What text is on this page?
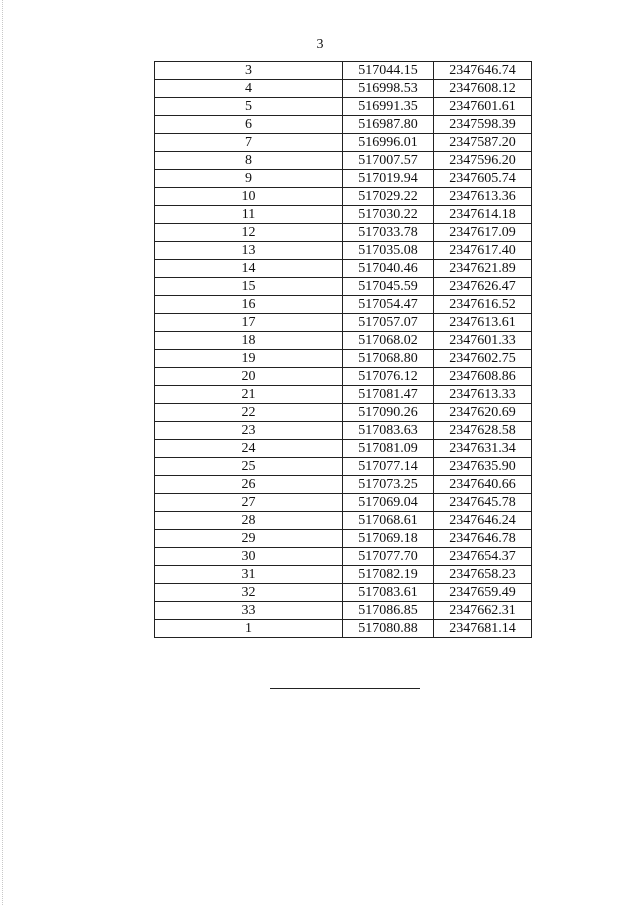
3
3	517044.15	2347646.74
4	516998.53	2347608.12
5	516991.35	2347601.61
6	516987.80	2347598.39
7	516996.01	2347587.20
8	517007.57	2347596.20
9	517019.94	2347605.74
10	517029.22	2347613.36
11	517030.22	2347614.18
12	517033.78	2347617.09
13	517035.08	2347617.40
14	517040.46	2347621.89
15	517045.59	2347626.47
16	517054.47	2347616.52
17	517057.07	2347613.61
18	517068.02	2347601.33
19	517068.80	2347602.75
20	517076.12	2347608.86
21	517081.47	2347613.33
22	517090.26	2347620.69
23	517083.63	2347628.58
24	517081.09	2347631.34
25	517077.14	2347635.90
26	517073.25	2347640.66
27	517069.04	2347645.78
28	517068.61	2347646.24
29	517069.18	2347646.78
30	517077.70	2347654.37
31	517082.19	2347658.23
32	517083.61	2347659.49
33	517086.85	2347662.31
1	517080.88	2347681.14
